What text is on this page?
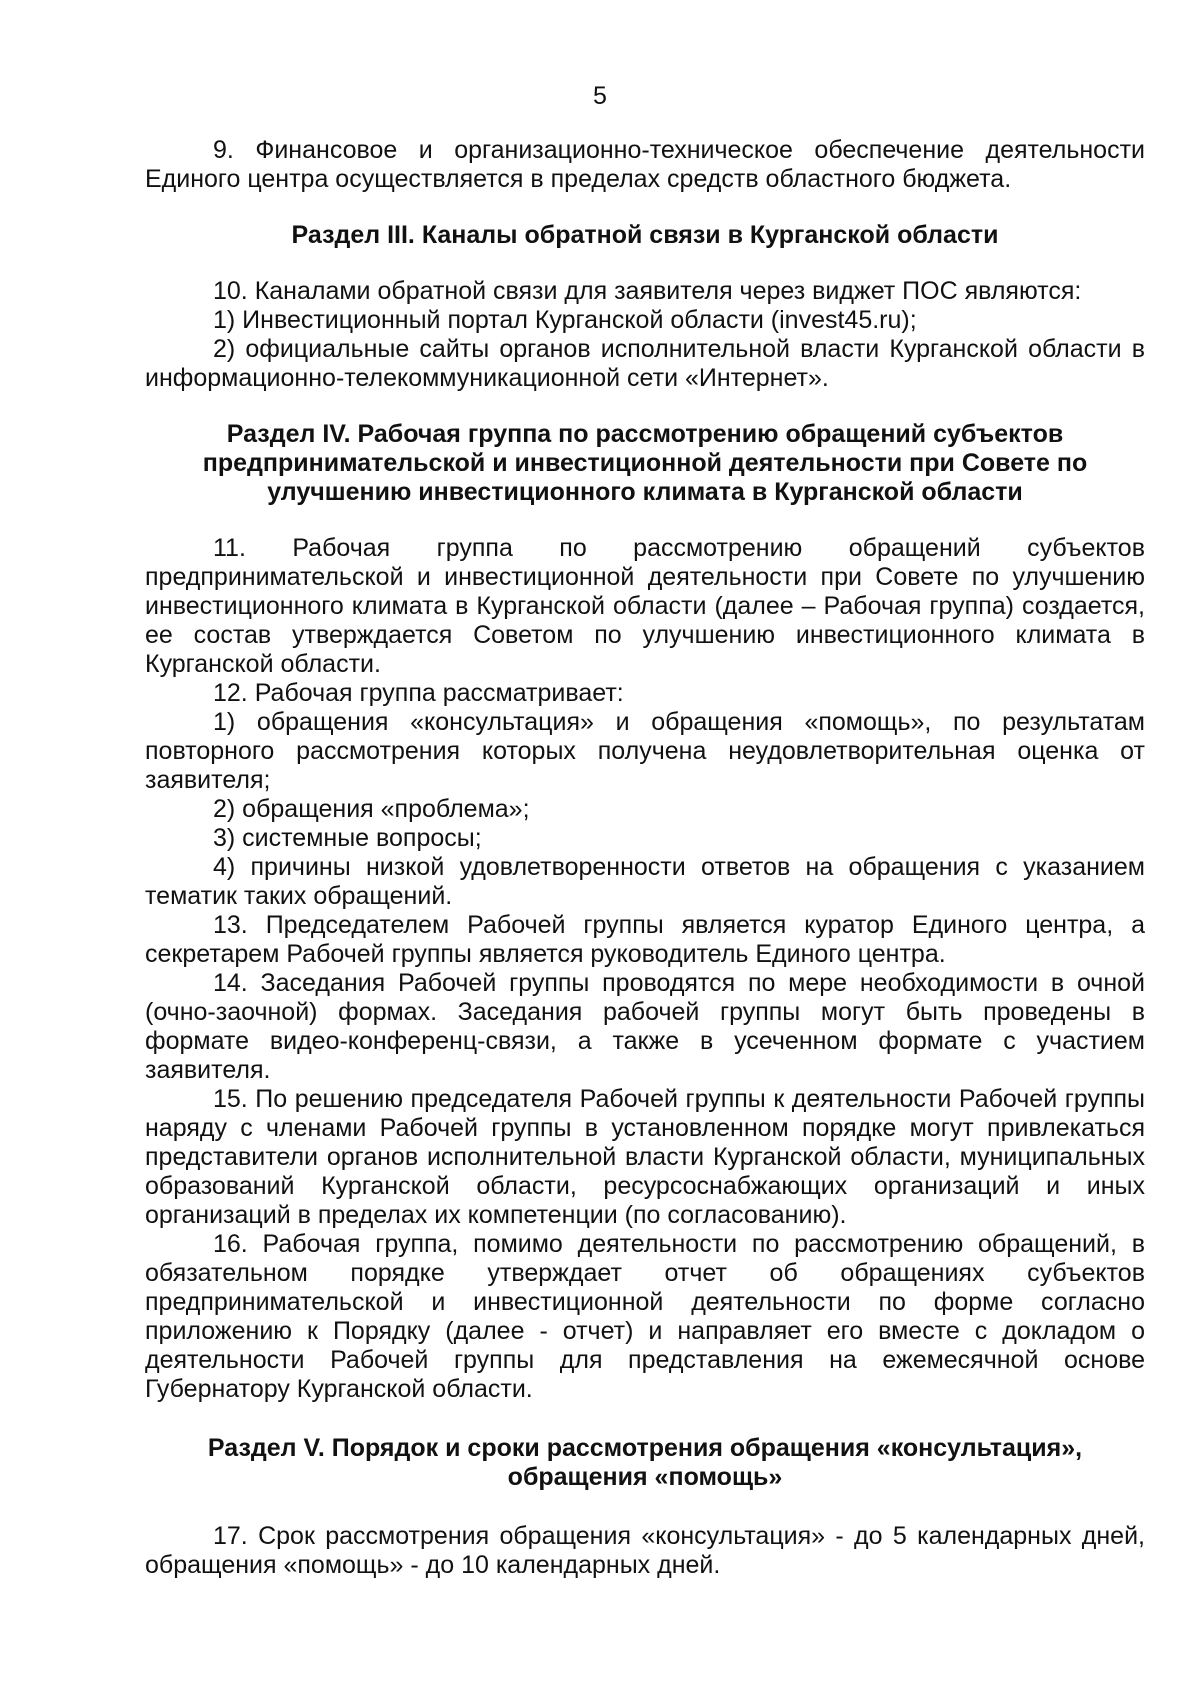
5

9. Финансовое и организационно-техническое обеспечение деятельности Единого центра осуществляется в пределах средств областного бюджета.

Раздел III. Каналы обратной связи в Курганской области

10. Каналами обратной связи для заявителя через виджет ПОС являются:

1) Инвестиционный портал Курганской области (invest45.ru);

2) официальные сайты органов исполнительной власти Курганской области в информационно-телекоммуникационной сети «Интернет».

Раздел IV. Рабочая группа по рассмотрению обращений субъектов предпринимательской и инвестиционной деятельности при Совете по улучшению инвестиционного климата в Курганской области

11. Рабочая группа по рассмотрению обращений субъектов предпринимательской и инвестиционной деятельности при Совете по улучшению инвестиционного климата в Курганской области (далее – Рабочая группа) создается, ее состав утверждается Советом по улучшению инвестиционного климата в Курганской области.

12. Рабочая группа рассматривает:

1) обращения «консультация» и обращения «помощь», по результатам повторного рассмотрения которых получена неудовлетворительная оценка от заявителя;

2) обращения «проблема»;

3) системные вопросы;

4) причины низкой удовлетворенности ответов на обращения с указанием тематик таких обращений.

13. Председателем Рабочей группы является куратор Единого центра, а секретарем Рабочей группы является руководитель Единого центра.

14. Заседания Рабочей группы проводятся по мере необходимости в очной (очно-заочной) формах. Заседания рабочей группы могут быть проведены в формате видео-конференц-связи, а также в усеченном формате с участием заявителя.

15. По решению председателя Рабочей группы к деятельности Рабочей группы наряду с членами Рабочей группы в установленном порядке могут привлекаться представители органов исполнительной власти Курганской области, муниципальных образований Курганской области, ресурсоснабжающих организаций и иных организаций в пределах их компетенции (по согласованию).

16. Рабочая группа, помимо деятельности по рассмотрению обращений, в обязательном порядке утверждает отчет об обращениях субъектов предпринимательской и инвестиционной деятельности по форме согласно приложению к Порядку (далее - отчет) и направляет его вместе с докладом о деятельности Рабочей группы для представления на ежемесячной основе Губернатору Курганской области.

Раздел V. Порядок и сроки рассмотрения обращения «консультация», обращения «помощь»

17. Срок рассмотрения обращения «консультация» - до 5 календарных дней, обращения «помощь» - до 10 календарных дней.
